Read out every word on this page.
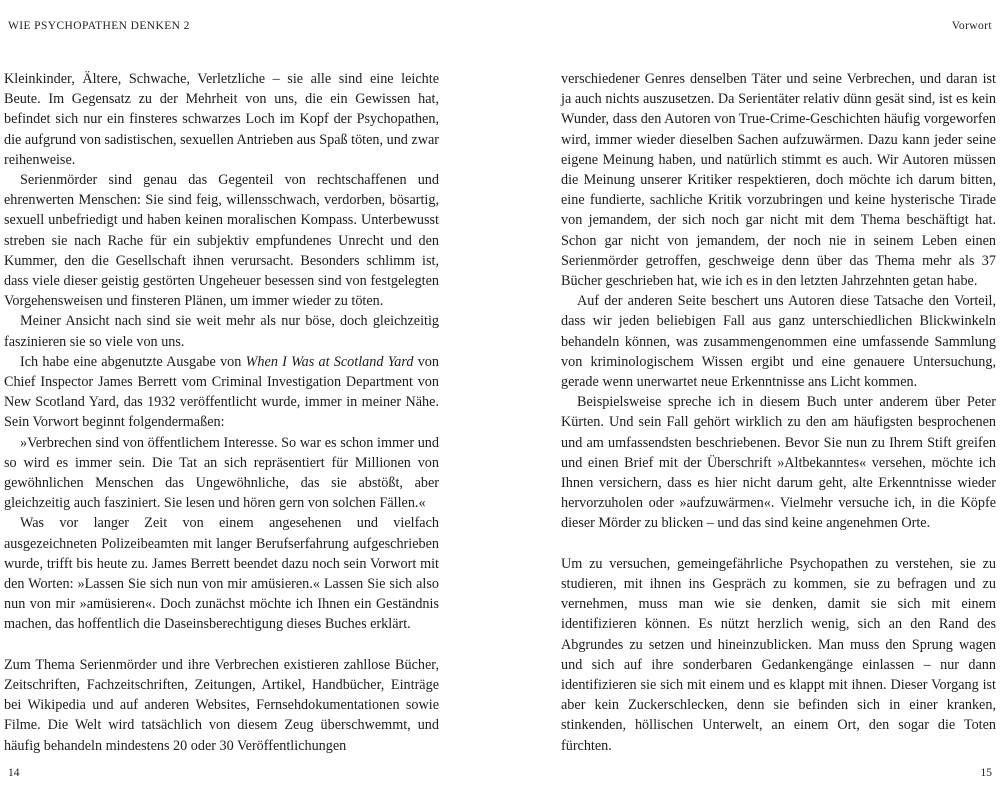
WIE PSYCHOPATHEN DENKEN 2	Vorwort

Kleinkinder, Ältere, Schwache, Verletzliche – sie alle sind eine leichte Beute. Im Gegensatz zu der Mehrheit von uns, die ein Gewissen hat, befindet sich nur ein finsteres schwarzes Loch im Kopf der Psychopathen, die aufgrund von sadistischen, sexuellen Antrieben aus Spaß töten, und zwar reihenweise.

Serienmörder sind genau das Gegenteil von rechtschaffenen und ehrenwerten Menschen: Sie sind feig, willensschwach, verdorben, bösartig, sexuell unbefriedigt und haben keinen moralischen Kompass. Unterbewusst streben sie nach Rache für ein subjektiv empfundenes Unrecht und den Kummer, den die Gesellschaft ihnen verursacht. Besonders schlimm ist, dass viele dieser geistig gestörten Ungeheuer besessen sind von festgelegten Vorgehensweisen und finsteren Plänen, um immer wieder zu töten.

Meiner Ansicht nach sind sie weit mehr als nur böse, doch gleichzeitig faszinieren sie so viele von uns.

Ich habe eine abgenutzte Ausgabe von When I Was at Scotland Yard von Chief Inspector James Berrett vom Criminal Investigation Department von New Scotland Yard, das 1932 veröffentlicht wurde, immer in meiner Nähe. Sein Vorwort beginnt folgendermaßen:

»Verbrechen sind von öffentlichem Interesse. So war es schon immer und so wird es immer sein. Die Tat an sich repräsentiert für Millionen von gewöhnlichen Menschen das Ungewöhnliche, das sie abstößt, aber gleichzeitig auch fasziniert. Sie lesen und hören gern von solchen Fällen.«

Was vor langer Zeit von einem angesehenen und vielfach ausgezeichneten Polizeibeamten mit langer Berufserfahrung aufgeschrieben wurde, trifft bis heute zu. James Berrett beendet dazu noch sein Vorwort mit den Worten: »Lassen Sie sich nun von mir amüsieren.« Lassen Sie sich also nun von mir »amüsieren«. Doch zunächst möchte ich Ihnen ein Geständnis machen, das hoffentlich die Daseinsberechtigung dieses Buches erklärt.

Zum Thema Serienmörder und ihre Verbrechen existieren zahllose Bücher, Zeitschriften, Fachzeitschriften, Zeitungen, Artikel, Handbücher, Einträge bei Wikipedia und auf anderen Websites, Fernsehdokumentationen sowie Filme. Die Welt wird tatsächlich von diesem Zeug überschwemmt, und häufig behandeln mindestens 20 oder 30 Veröffentlichungen

verschiedener Genres denselben Täter und seine Verbrechen, und daran ist ja auch nichts auszusetzen. Da Serientäter relativ dünn gesät sind, ist es kein Wunder, dass den Autoren von True-Crime-Geschichten häufig vorgeworfen wird, immer wieder dieselben Sachen aufzuwärmen. Dazu kann jeder seine eigene Meinung haben, und natürlich stimmt es auch. Wir Autoren müssen die Meinung unserer Kritiker respektieren, doch möchte ich darum bitten, eine fundierte, sachliche Kritik vorzubringen und keine hysterische Tirade von jemandem, der sich noch gar nicht mit dem Thema beschäftigt hat. Schon gar nicht von jemandem, der noch nie in seinem Leben einen Serienmörder getroffen, geschweige denn über das Thema mehr als 37 Bücher geschrieben hat, wie ich es in den letzten Jahrzehnten getan habe.

Auf der anderen Seite beschert uns Autoren diese Tatsache den Vorteil, dass wir jeden beliebigen Fall aus ganz unterschiedlichen Blickwinkeln behandeln können, was zusammengenommen eine umfassende Sammlung von kriminologischem Wissen ergibt und eine genauere Untersuchung, gerade wenn unerwartet neue Erkenntnisse ans Licht kommen.

Beispielsweise spreche ich in diesem Buch unter anderem über Peter Kürten. Und sein Fall gehört wirklich zu den am häufigsten besprochenen und am umfassendsten beschriebenen. Bevor Sie nun zu Ihrem Stift greifen und einen Brief mit der Überschrift »Altbekanntes« versehen, möchte ich Ihnen versichern, dass es hier nicht darum geht, alte Erkenntnisse wieder hervorzuholen oder »aufzuwärmen«. Vielmehr versuche ich, in die Köpfe dieser Mörder zu blicken – und das sind keine angenehmen Orte.

Um zu versuchen, gemeingefährliche Psychopathen zu verstehen, sie zu studieren, mit ihnen ins Gespräch zu kommen, sie zu befragen und zu vernehmen, muss man wie sie denken, damit sie sich mit einem identifizieren können. Es nützt herzlich wenig, sich an den Rand des Abgrundes zu setzen und hineinzublicken. Man muss den Sprung wagen und sich auf ihre sonderbaren Gedankengänge einlassen – nur dann identifizieren sie sich mit einem und es klappt mit ihnen. Dieser Vorgang ist aber kein Zuckerschlecken, denn sie befinden sich in einer kranken, stinkenden, höllischen Unterwelt, an einem Ort, den sogar die Toten fürchten.

14	15
